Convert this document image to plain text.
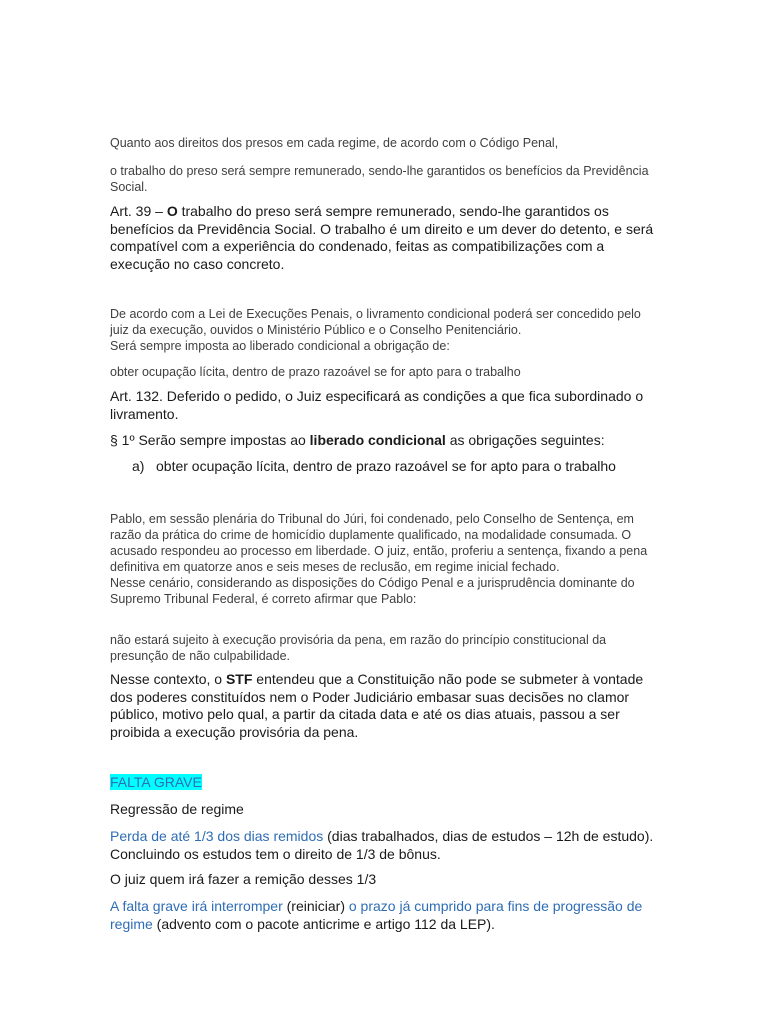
Quanto aos direitos dos presos em cada regime, de acordo com o Código Penal,

o trabalho do preso será sempre remunerado, sendo-lhe garantidos os benefícios da Previdência Social.

Art. 39 – O trabalho do preso será sempre remunerado, sendo-lhe garantidos os benefícios da Previdência Social. O trabalho é um direito e um dever do detento, e será compatível com a experiência do condenado, feitas as compatibilizações com a execução no caso concreto.

De acordo com a Lei de Execuções Penais, o livramento condicional poderá ser concedido pelo juiz da execução, ouvidos o Ministério Público e o Conselho Penitenciário.
Será sempre imposta ao liberado condicional a obrigação de:

obter ocupação lícita, dentro de prazo razoável se for apto para o trabalho

Art. 132. Deferido o pedido, o Juiz especificará as condições a que fica subordinado o livramento.

§ 1º Serão sempre impostas ao liberado condicional as obrigações seguintes:

a) obter ocupação lícita, dentro de prazo razoável se for apto para o trabalho

Pablo, em sessão plenária do Tribunal do Júri, foi condenado, pelo Conselho de Sentença, em razão da prática do crime de homicídio duplamente qualificado, na modalidade consumada. O acusado respondeu ao processo em liberdade. O juiz, então, proferiu a sentença, fixando a pena definitiva em quatorze anos e seis meses de reclusão, em regime inicial fechado.
Nesse cenário, considerando as disposições do Código Penal e a jurisprudência dominante do Supremo Tribunal Federal, é correto afirmar que Pablo:

não estará sujeito à execução provisória da pena, em razão do princípio constitucional da presunção de não culpabilidade.

Nesse contexto, o STF entendeu que a Constituição não pode se submeter à vontade dos poderes constituídos nem o Poder Judiciário embasar suas decisões no clamor público, motivo pelo qual, a partir da citada data e até os dias atuais, passou a ser proibida a execução provisória da pena.

FALTA GRAVE

Regressão de regime

Perda de até 1/3 dos dias remidos (dias trabalhados, dias de estudos – 12h de estudo). Concluindo os estudos tem o direito de 1/3 de bônus.

O juiz quem irá fazer a remição desses 1/3

A falta grave irá interromper (reiniciar) o prazo já cumprido para fins de progressão de regime (advento com o pacote anticrime e artigo 112 da LEP).
